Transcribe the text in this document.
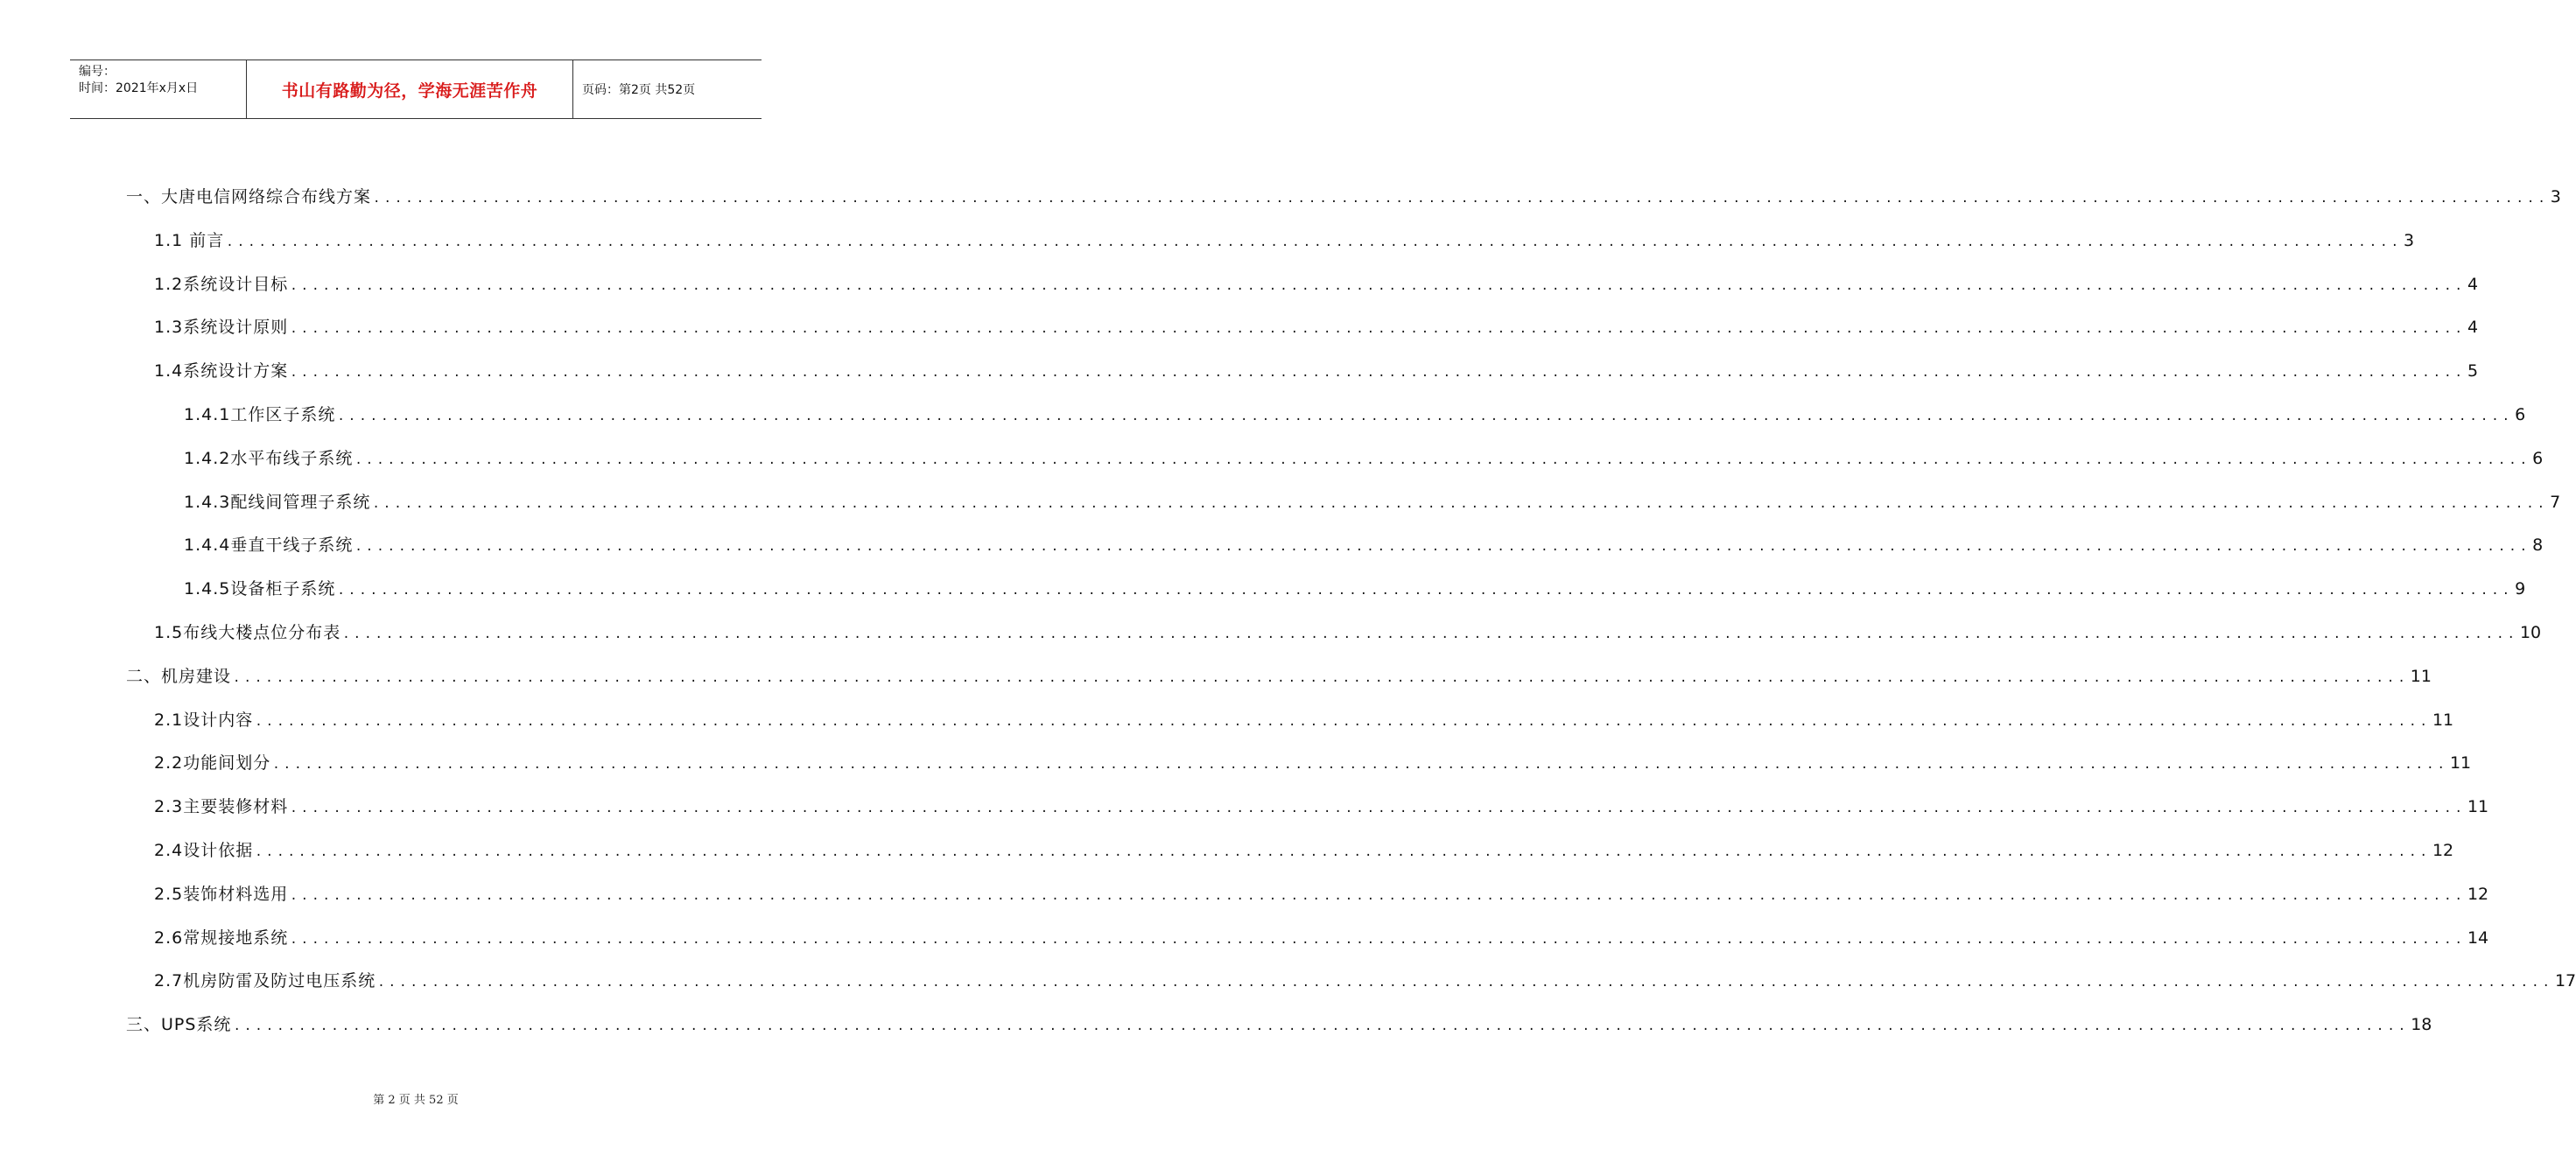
编号：
时间：2021年x月x日	书山有路勤为径，学海无涯苦作舟	页码：第2页 共52页
一、大唐电信网络综合布线方案 ........................................................................................................................................................................................................ 3
1.1 前言 ........................................................................................................................................................................................................ 3
1.2系统设计目标 ........................................................................................................................................................................................................ 4
1.3系统设计原则 ........................................................................................................................................................................................................ 4
1.4系统设计方案 ........................................................................................................................................................................................................ 5
1.4.1工作区子系统 ........................................................................................................................................................................................................ 6
1.4.2水平布线子系统 ........................................................................................................................................................................................................ 6
1.4.3配线间管理子系统 ........................................................................................................................................................................................................ 7
1.4.4垂直干线子系统 ........................................................................................................................................................................................................ 8
1.4.5设备柜子系统 ........................................................................................................................................................................................................ 9
1.5布线大楼点位分布表 ........................................................................................................................................................................................................ 10
二、机房建设 ........................................................................................................................................................................................................ 11
2.1设计内容 ........................................................................................................................................................................................................ 11
2.2功能间划分 ........................................................................................................................................................................................................ 11
2.3主要装修材料 ........................................................................................................................................................................................................ 11
2.4设计依据 ........................................................................................................................................................................................................ 12
2.5装饰材料选用 ........................................................................................................................................................................................................ 12
2.6常规接地系统 ........................................................................................................................................................................................................ 14
2.7机房防雷及防过电压系统 ........................................................................................................................................................................................................ 17
三、UPS系统 ........................................................................................................................................................................................................ 18
第 2 页 共 52 页
